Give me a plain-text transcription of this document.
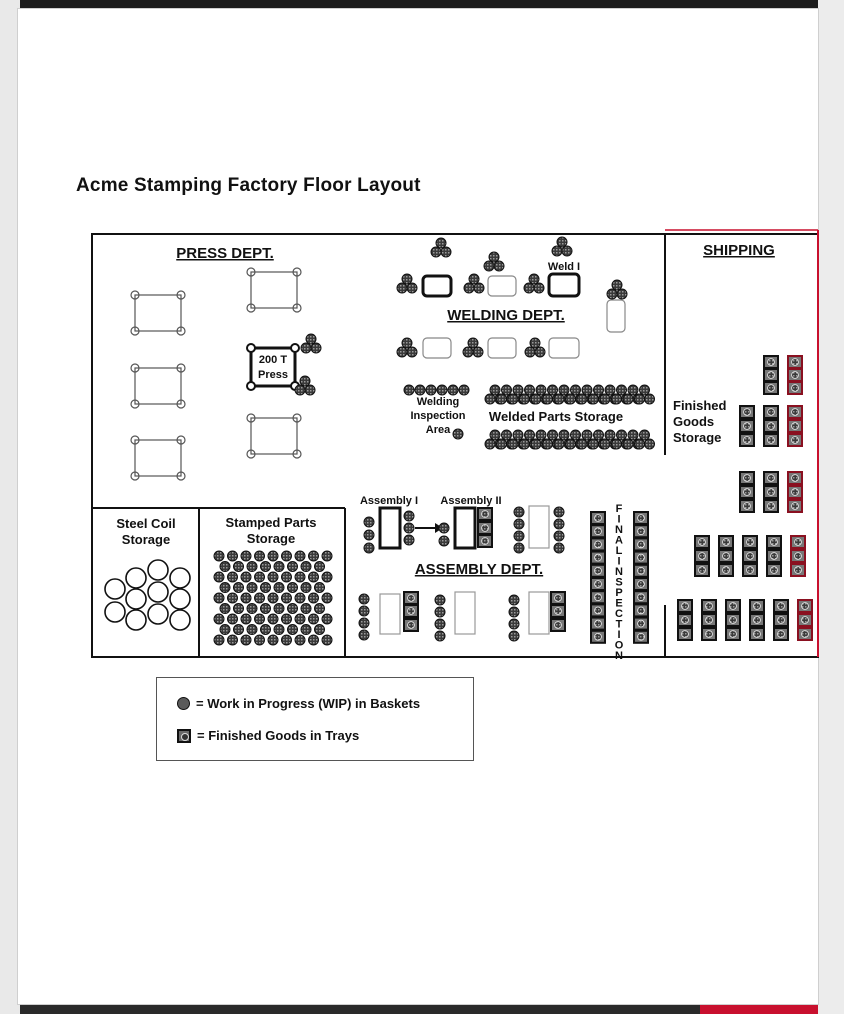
Acme Stamping Factory Floor Layout
PRESS DEPT.
WELDING DEPT.
SHIPPING
ASSEMBLY DEPT.
200 T
Press
Weld I
Welding
Inspection
Area
Welded Parts Storage
Finished
Goods
Storage
Steel Coil
Storage
Stamped Parts
Storage
Assembly I Assembly II
F
I
N
A
L
I
N
S
P
E
C
T
I
O
N
= Work in Progress (WIP) in Baskets
= Finished Goods in Trays
